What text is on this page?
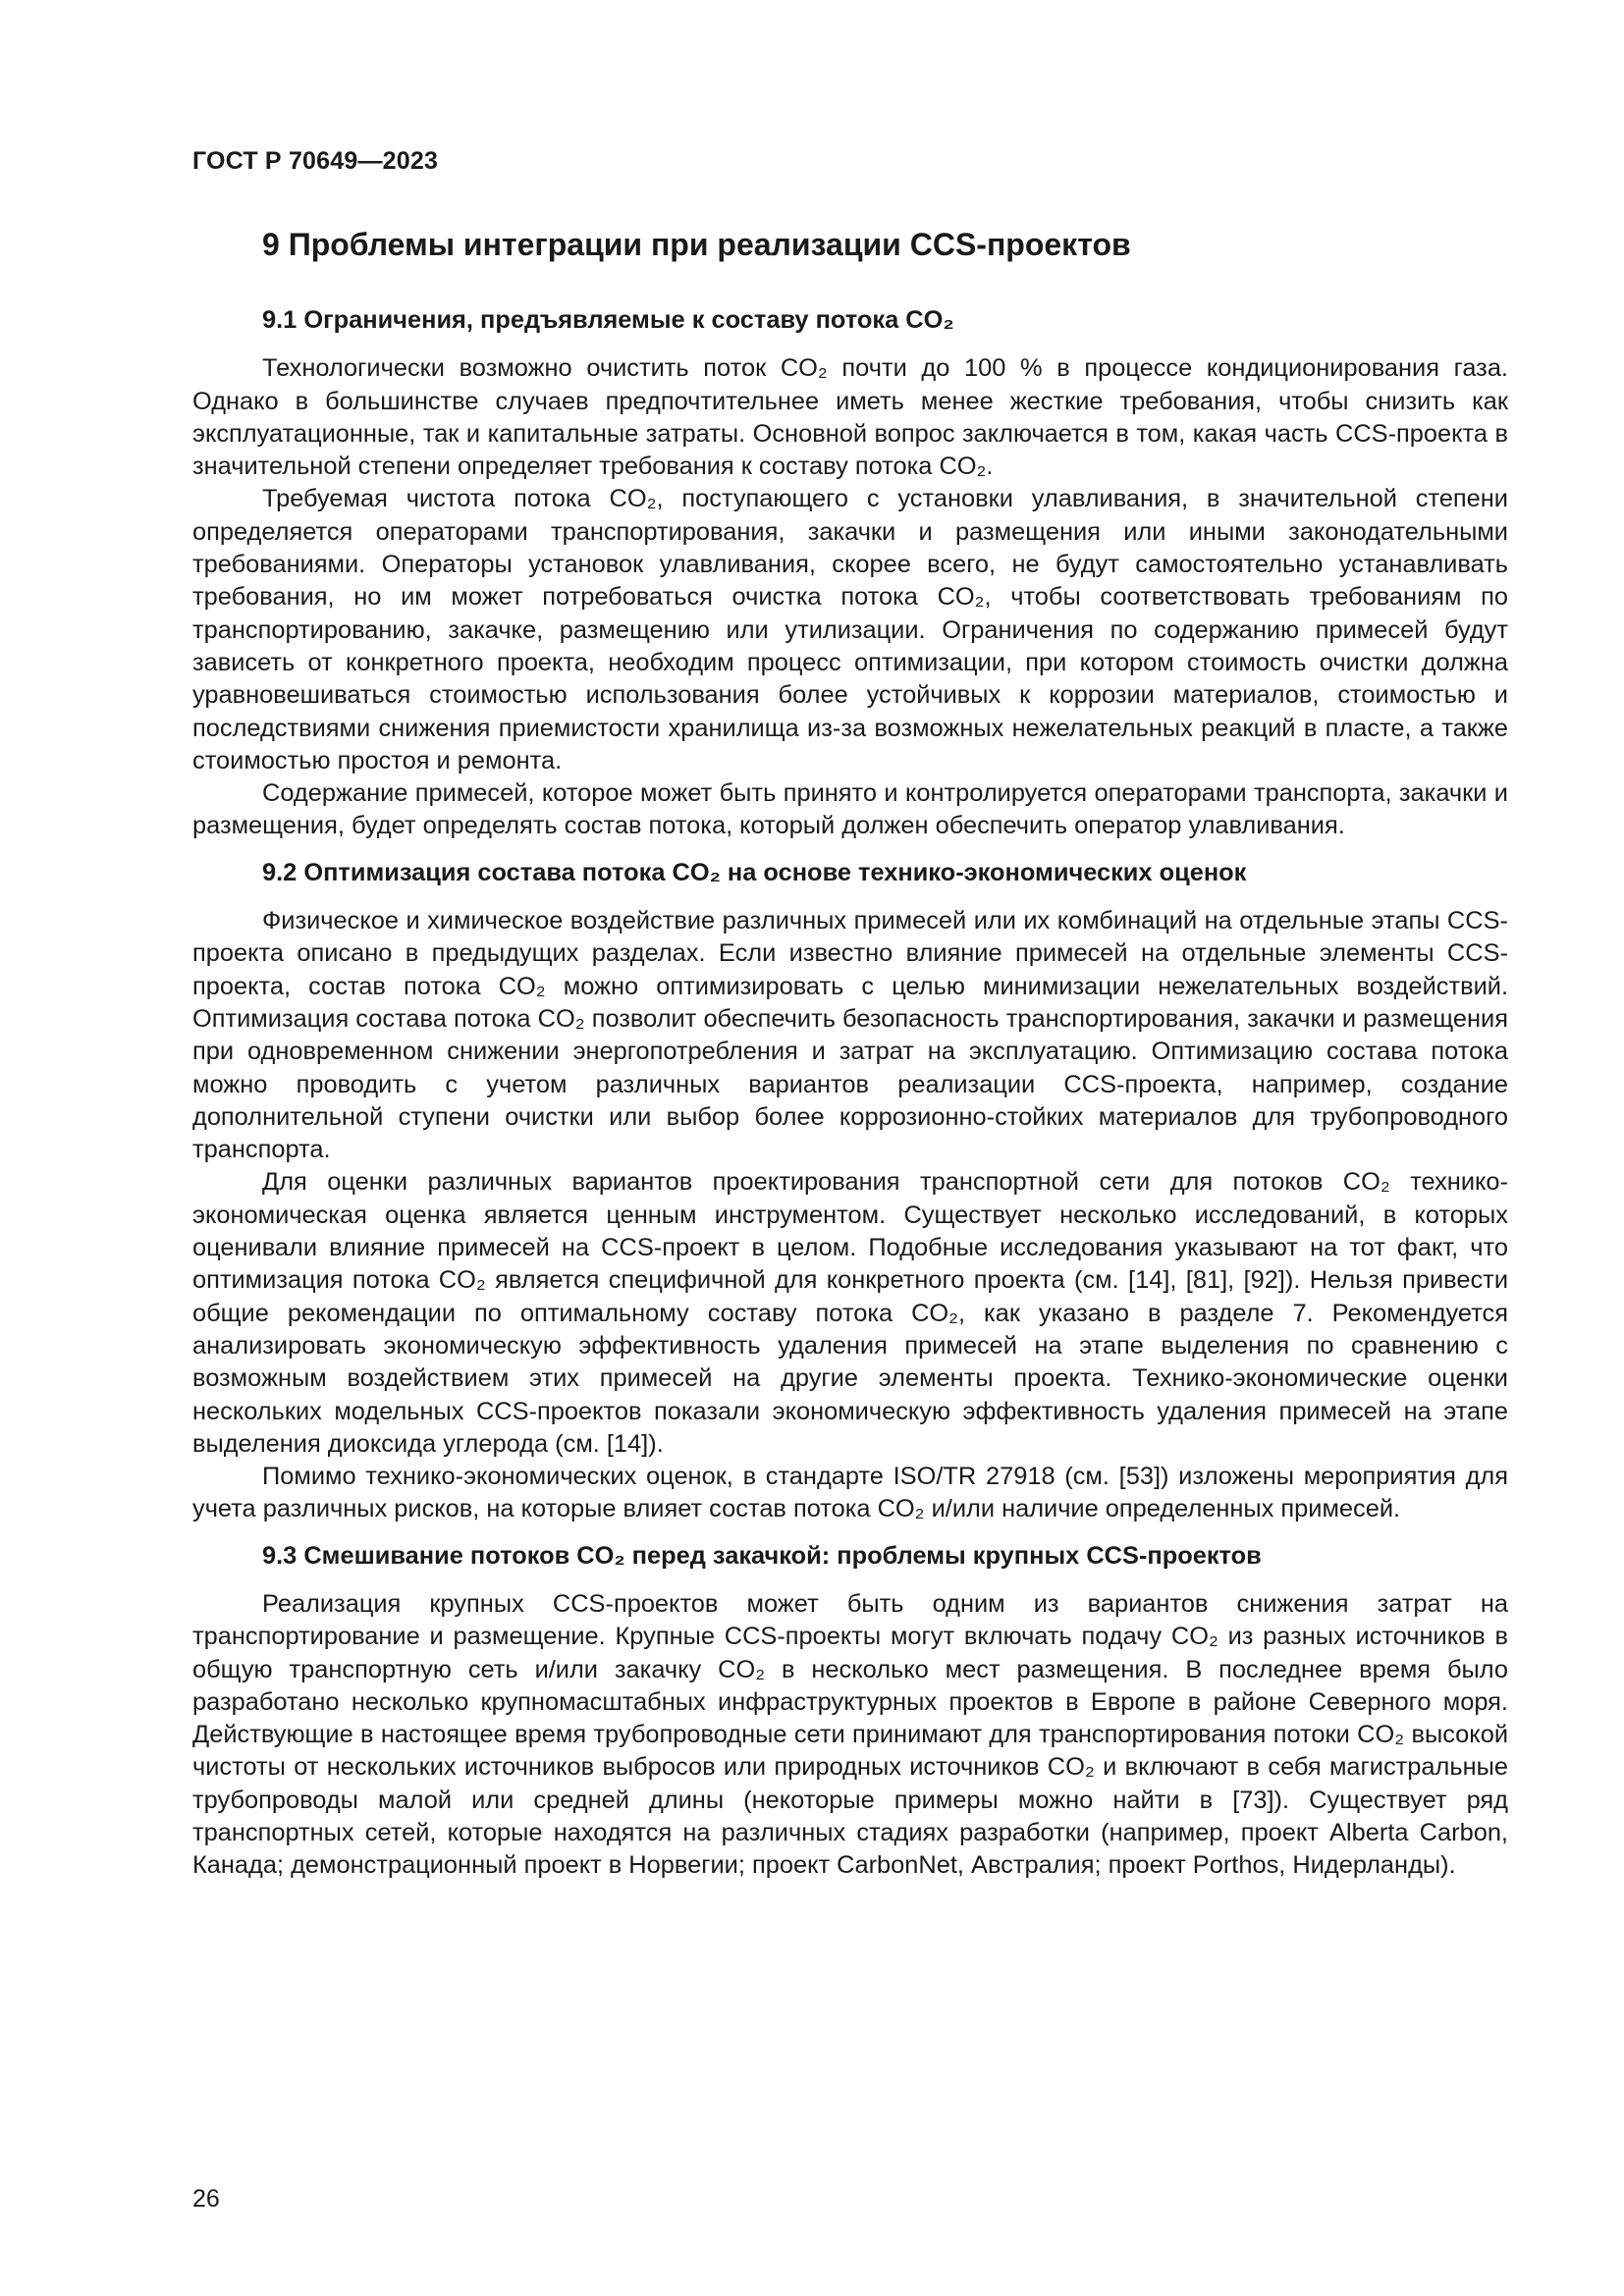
ГОСТ Р 70649—2023
9 Проблемы интеграции при реализации CCS-проектов
9.1 Ограничения, предъявляемые к составу потока CO₂

Технологически возможно очистить поток CO₂ почти до 100 % в процессе кондиционирования газа. Однако в большинстве случаев предпочтительнее иметь менее жесткие требования, чтобы снизить как эксплуатационные, так и капитальные затраты. Основной вопрос заключается в том, какая часть CCS-проекта в значительной степени определяет требования к составу потока CO₂.

Требуемая чистота потока CO₂, поступающего с установки улавливания, в значительной степени определяется операторами транспортирования, закачки и размещения или иными законодательными требованиями. Операторы установок улавливания, скорее всего, не будут самостоятельно устанавливать требования, но им может потребоваться очистка потока CO₂, чтобы соответствовать требованиям по транспортированию, закачке, размещению или утилизации. Ограничения по содержанию примесей будут зависеть от конкретного проекта, необходим процесс оптимизации, при котором стоимость очистки должна уравновешиваться стоимостью использования более устойчивых к коррозии материалов, стоимостью и последствиями снижения приемистости хранилища из-за возможных нежелательных реакций в пласте, а также стоимостью простоя и ремонта.

Содержание примесей, которое может быть принято и контролируется операторами транспорта, закачки и размещения, будет определять состав потока, который должен обеспечить оператор улавливания.

9.2 Оптимизация состава потока CO₂ на основе технико-экономических оценок

Физическое и химическое воздействие различных примесей или их комбинаций на отдельные этапы CCS-проекта описано в предыдущих разделах. Если известно влияние примесей на отдельные элементы CCS-проекта, состав потока CO₂ можно оптимизировать с целью минимизации нежелательных воздействий. Оптимизация состава потока CO₂ позволит обеспечить безопасность транспортирования, закачки и размещения при одновременном снижении энергопотребления и затрат на эксплуатацию. Оптимизацию состава потока можно проводить с учетом различных вариантов реализации CCS-проекта, например, создание дополнительной ступени очистки или выбор более коррозионно-стойких материалов для трубопроводного транспорта.

Для оценки различных вариантов проектирования транспортной сети для потоков CO₂ технико-экономическая оценка является ценным инструментом. Существует несколько исследований, в которых оценивали влияние примесей на CCS-проект в целом. Подобные исследования указывают на тот факт, что оптимизация потока CO₂ является специфичной для конкретного проекта (см. [14], [81], [92]). Нельзя привести общие рекомендации по оптимальному составу потока CO₂, как указано в разделе 7. Рекомендуется анализировать экономическую эффективность удаления примесей на этапе выделения по сравнению с возможным воздействием этих примесей на другие элементы проекта. Технико-экономические оценки нескольких модельных CCS-проектов показали экономическую эффективность удаления примесей на этапе выделения диоксида углерода (см. [14]).

Помимо технико-экономических оценок, в стандарте ISO/TR 27918 (см. [53]) изложены мероприятия для учета различных рисков, на которые влияет состав потока CO₂ и/или наличие определенных примесей.

9.3 Смешивание потоков CO₂ перед закачкой: проблемы крупных CCS-проектов

Реализация крупных CCS-проектов может быть одним из вариантов снижения затрат на транспортирование и размещение. Крупные CCS-проекты могут включать подачу CO₂ из разных источников в общую транспортную сеть и/или закачку CO₂ в несколько мест размещения. В последнее время было разработано несколько крупномасштабных инфраструктурных проектов в Европе в районе Северного моря. Действующие в настоящее время трубопроводные сети принимают для транспортирования потоки CO₂ высокой чистоты от нескольких источников выбросов или природных источников CO₂ и включают в себя магистральные трубопроводы малой или средней длины (некоторые примеры можно найти в [73]). Существует ряд транспортных сетей, которые находятся на различных стадиях разработки (например, проект Alberta Carbon, Канада; демонстрационный проект в Норвегии; проект CarbonNet, Австралия; проект Porthos, Нидерланды).

26
